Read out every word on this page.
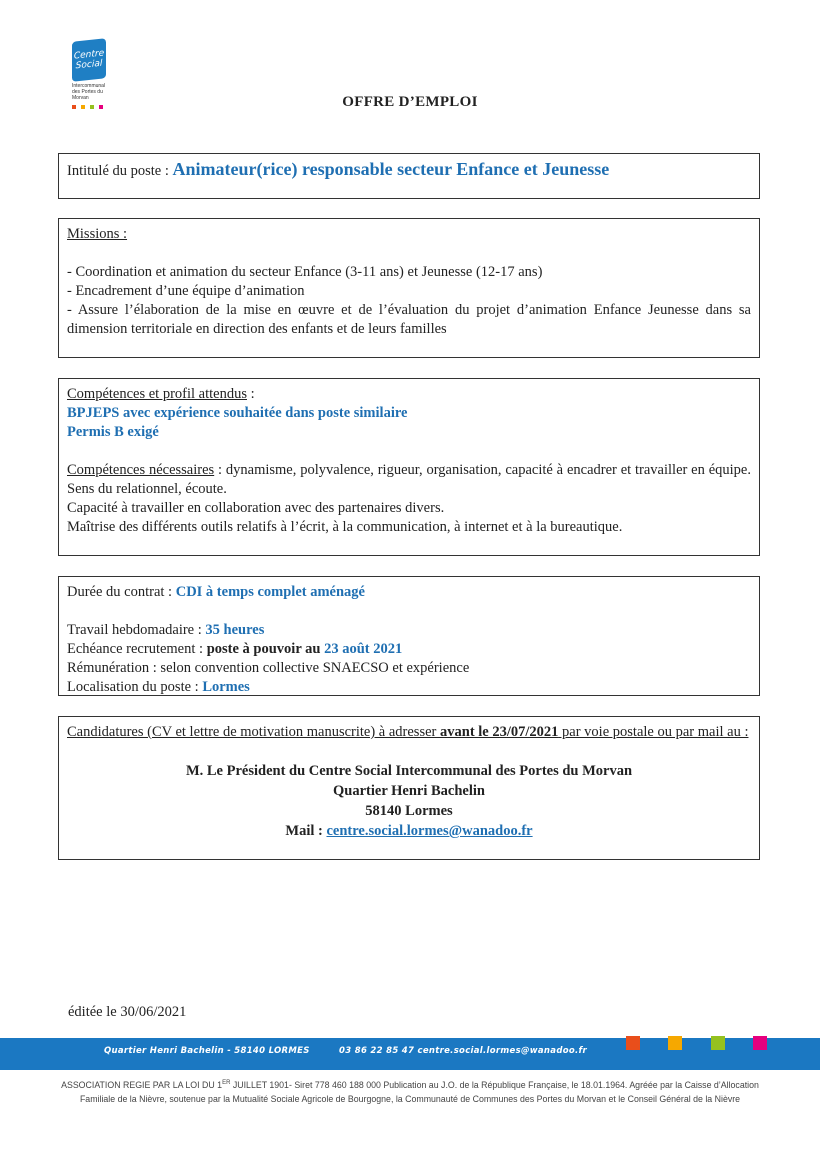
Centre Social
Intercommunal des Portes du Morvan	OFFRE D’EMPLOI
Intitulé du poste : Animateur(rice) responsable secteur Enfance et Jeunesse
Missions :
- Coordination et animation du secteur Enfance (3-11 ans) et Jeunesse (12-17 ans)
- Encadrement d’une équipe d’animation
- Assure l’élaboration de la mise en œuvre et de l’évaluation du projet d’animation Enfance Jeunesse dans sa dimension territoriale en direction des enfants et de leurs familles
Compétences et profil attendus :
BPJEPS avec expérience souhaitée dans poste similaire
Permis B exigé
Compétences nécessaires : dynamisme, polyvalence, rigueur, organisation, capacité à encadrer et travailler en équipe. Sens du relationnel, écoute.
Capacité à travailler en collaboration avec des partenaires divers.
Maîtrise des différents outils relatifs à l’écrit, à la communication, à internet et à la bureautique.
Durée du contrat : CDI à temps complet aménagé
Travail hebdomadaire : 35 heures
Echéance recrutement : poste à pouvoir au 23 août 2021
Rémunération : selon convention collective SNAECSO et expérience
Localisation du poste : Lormes
Candidatures (CV et lettre de motivation manuscrite) à adresser avant le 23/07/2021 par voie postale ou par mail au :
M. Le Président du Centre Social Intercommunal des Portes du Morvan
Quartier Henri Bachelin
58140 Lormes
Mail : centre.social.lormes@wanadoo.fr
éditée le 30/06/2021
Quartier Henri Bachelin - 58140 LORMES	03 86 22 85 47 centre.social.lormes@wanadoo.fr
ASSOCIATION REGIE PAR LA LOI DU 1ER JUILLET 1901- Siret 778 460 188 000 Publication au J.O. de la République Française, le 18.01.1964. Agréée par la Caisse d’Allocation
Familiale de la Nièvre, soutenue par la Mutualité Sociale Agricole de Bourgogne, la Communauté de Communes des Portes du Morvan et le Conseil Général de la Nièvre
